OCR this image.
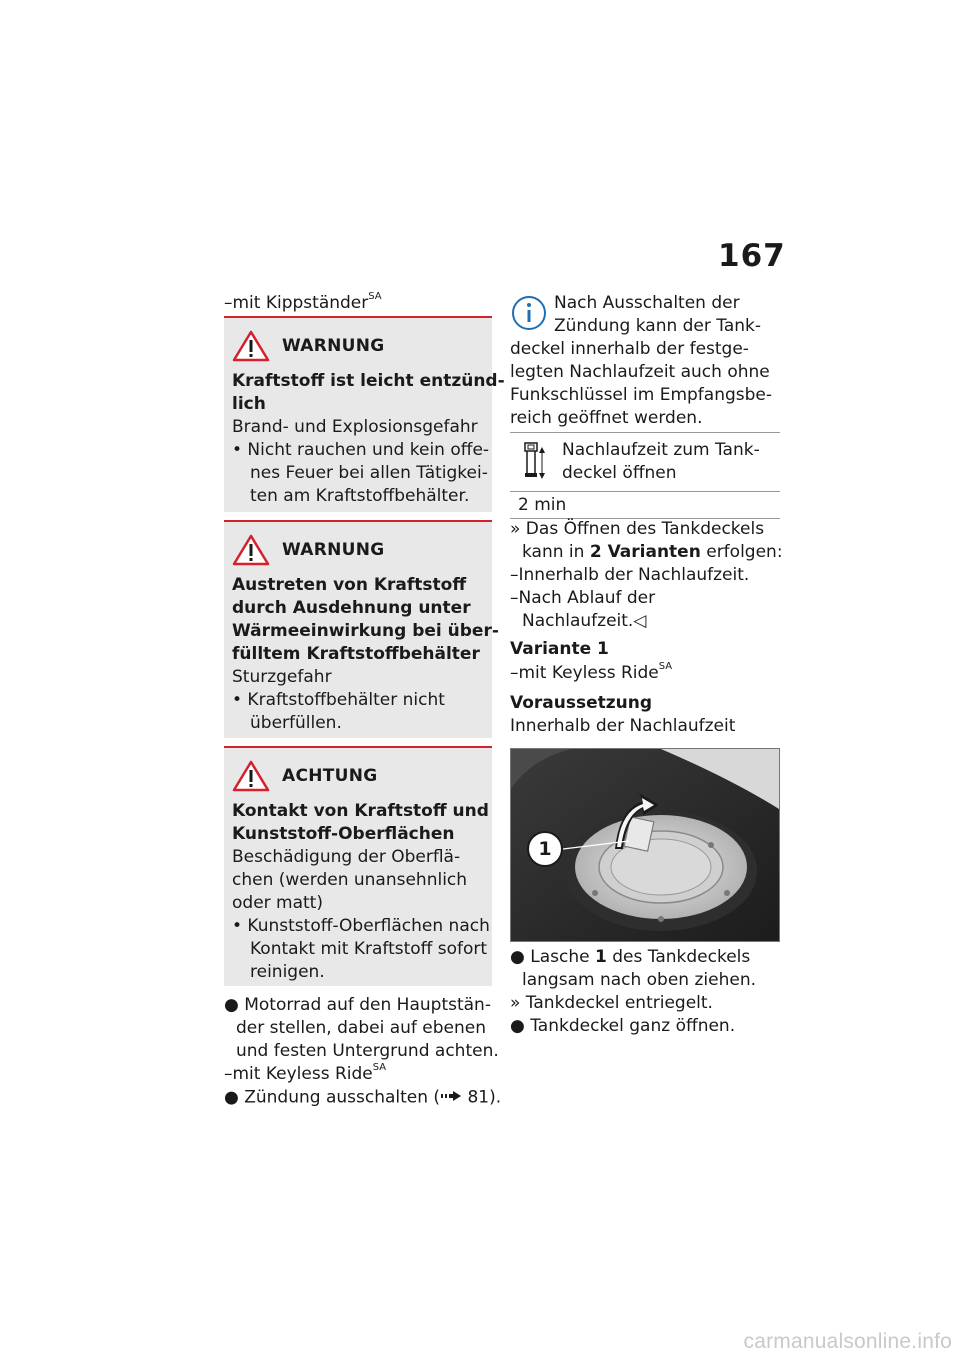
167
–mit Kippständer$^{SA}$
WARNUNG
Kraftstoff ist leicht entzünd-
lich
Brand- und Explosionsgefahr
• Nicht rauchen und kein offe-
nes Feuer bei allen Tätigkei-
ten am Kraftstoffbehälter.
WARNUNG
Austreten von Kraftstoff
durch Ausdehnung unter
Wärmeeinwirkung bei über-
fülltem Kraftstoffbehälter
Sturzgefahr
• Kraftstoffbehälter nicht
überfüllen.
ACHTUNG
Kontakt von Kraftstoff und
Kunststoff-Oberflächen
Beschädigung der Oberflä-
chen (werden unansehnlich
oder matt)
• Kunststoff-Oberflächen nach
Kontakt mit Kraftstoff sofort
reinigen.
● Motorrad auf den Hauptstän-
der stellen, dabei auf ebenen
und festen Untergrund achten.
–mit Keyless Ride$^{SA}$
● Zündung ausschalten ( 81).
Nach Ausschalten der
Zündung kann der Tank-
deckel innerhalb der festge-
legten Nachlaufzeit auch ohne
Funkschlüssel im Empfangsbe-
reich geöffnet werden.
Nachlaufzeit zum Tank-
deckel öffnen
2 min
» Das Öffnen des Tankdeckels
kann in 2 Varianten erfolgen:
–Innerhalb der Nachlaufzeit.
–Nach Ablauf der
Nachlaufzeit.◁
Variante 1
–mit Keyless Ride$^{SA}$
Voraussetzung
Innerhalb der Nachlaufzeit
1
● Lasche 1 des Tankdeckels
langsam nach oben ziehen.
» Tankdeckel entriegelt.
● Tankdeckel ganz öffnen.
carmanualsonline.info
